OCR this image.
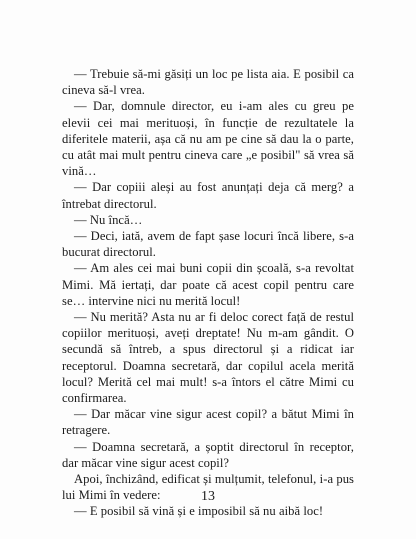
— Trebuie să-mi găsiți un loc pe lista aia. E posibil ca cineva să-l vrea.

— Dar, domnule director, eu i-am ales cu greu pe elevii cei mai merituoși, în funcție de rezultatele la diferitele materii, așa că nu am pe cine să dau la o parte, cu atât mai mult pentru cineva care „e posibil" să vrea să vină…

— Dar copiii aleși au fost anunțați deja că merg? a întrebat directorul.

— Nu încă…

— Deci, iată, avem de fapt șase locuri încă libere, s-a bucurat directorul.

— Am ales cei mai buni copii din școală, s-a revoltat Mimi. Mă iertați, dar poate că acest copil pentru care se… intervine nici nu merită locul!

— Nu merită? Asta nu ar fi deloc corect față de restul copiilor merituoși, aveți dreptate! Nu m-am gândit. O secundă să întreb, a spus directorul și a ridicat iar receptorul. Doamna secretară, dar copilul acela merită locul? Merită cel mai mult! s-a întors el către Mimi cu confirmarea.

— Dar măcar vine sigur acest copil? a bătut Mimi în retragere.

— Doamna secretară, a șoptit directorul în receptor, dar măcar vine sigur acest copil?

Apoi, închizând, edificat și mulțumit, telefonul, i-a pus lui Mimi în vedere:

— E posibil să vină și e imposibil să nu aibă loc!

13
